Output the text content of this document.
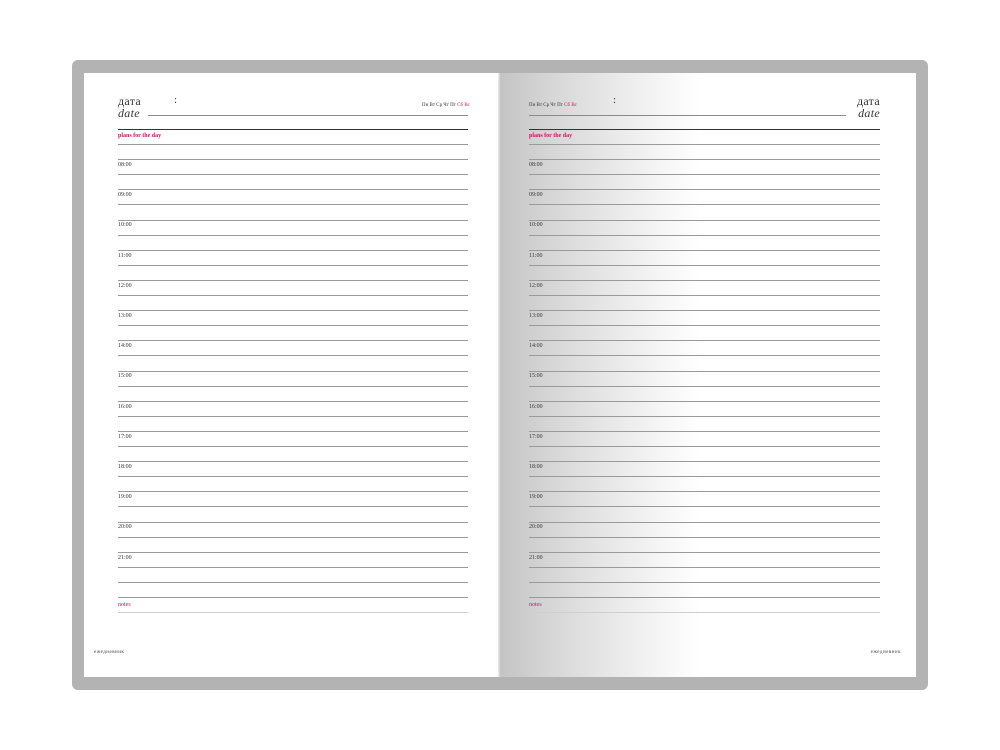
дата
date
:	Пн Вт Ср Чт Пт Сб Вс
plans for the day
08:00
09:00
10:00
11:00
12:00
13:00
14:00
15:00
16:00
17:00
18:00
19:00
20:00
21:00
notes
ежедневник
Пн Вт Ср Чт Пт Сб Вс	:	дата
date
plans for the day
08:00
09:00
10:00
11:00
12:00
13:00
14:00
15:00
16:00
17:00
18:00
19:00
20:00
21:00
notes
ежедневник
